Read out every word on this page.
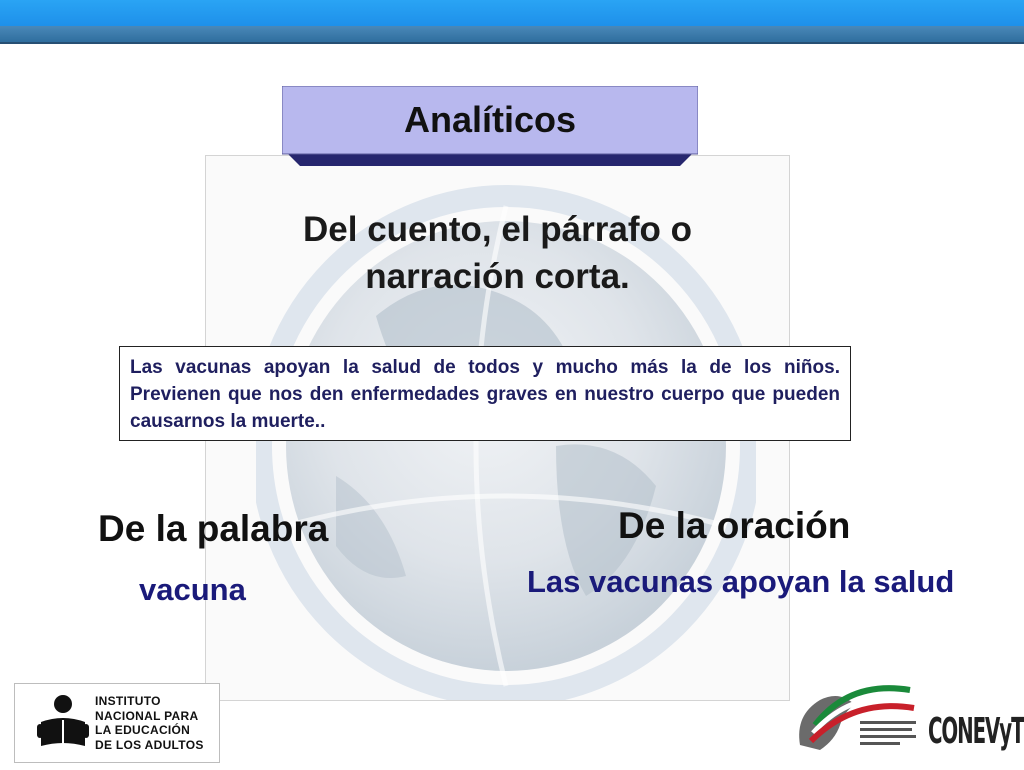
Analíticos
Del cuento, el párrafo o
narración corta.
Las vacunas apoyan la salud de todos y mucho más la de los niños. Previenen que nos den enfermedades graves en nuestro cuerpo que pueden causarnos la muerte..
De la palabra
vacuna
De la oración
Las vacunas apoyan la salud
INSTITUTO
NACIONAL PARA
LA EDUCACIÓN
DE LOS ADULTOS	CONEVyT
